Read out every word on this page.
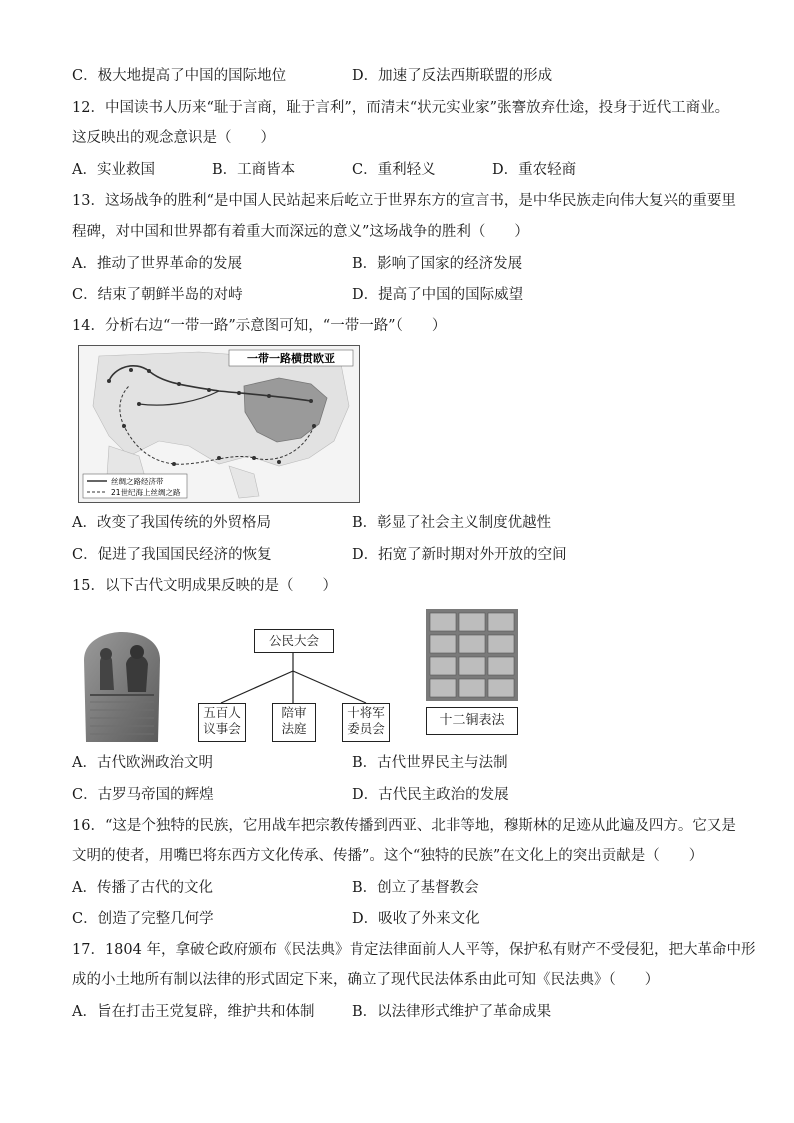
C．极大地提高了中国的国际地位	D．加速了反法西斯联盟的形成
12．中国读书人历来“耻于言商，耻于言利”，而清末“状元实业家”张謇放弃仕途，投身于近代工商业。
这反映出的观念意识是（　　）
A．实业救国	B．工商皆本	C．重利轻义	D．重农轻商
13．这场战争的胜利“是中国人民站起来后屹立于世界东方的宣言书，是中华民族走向伟大复兴的重要里
程碑，对中国和世界都有着重大而深远的意义”这场战争的胜利（　　）
A．推动了世界革命的发展	B．影响了国家的经济发展
C．结束了朝鲜半岛的对峙	D．提高了中国的国际威望
14．分析右边“一带一路”示意图可知，“一带一路”（　　）
一带一路横贯欧亚
丝绸之路经济带
21世纪海上丝绸之路
A．改变了我国传统的外贸格局	B．彰显了社会主义制度优越性
C．促进了我国国民经济的恢复	D．拓宽了新时期对外开放的空间
15．以下古代文明成果反映的是（　　）
公民大会
五百人
议事会
陪审
法庭
十将军
委员会
十二铜表法
A．古代欧洲政治文明	B．古代世界民主与法制
C．古罗马帝国的辉煌	D．古代民主政治的发展
16．“这是个独特的民族，它用战车把宗教传播到西亚、北非等地，穆斯林的足迹从此遍及四方。它又是
文明的使者，用嘴巴将东西方文化传承、传播”。这个“独特的民族”在文化上的突出贡献是（　　）
A．传播了古代的文化	B．创立了基督教会
C．创造了完整几何学	D．吸收了外来文化
17．1804 年，拿破仑政府颁布《民法典》肯定法律面前人人平等，保护私有财产不受侵犯，把大革命中形
成的小土地所有制以法律的形式固定下来，确立了现代民法体系由此可知《民法典》（　　）
A．旨在打击王党复辟，维护共和体制	B．以法律形式维护了革命成果
